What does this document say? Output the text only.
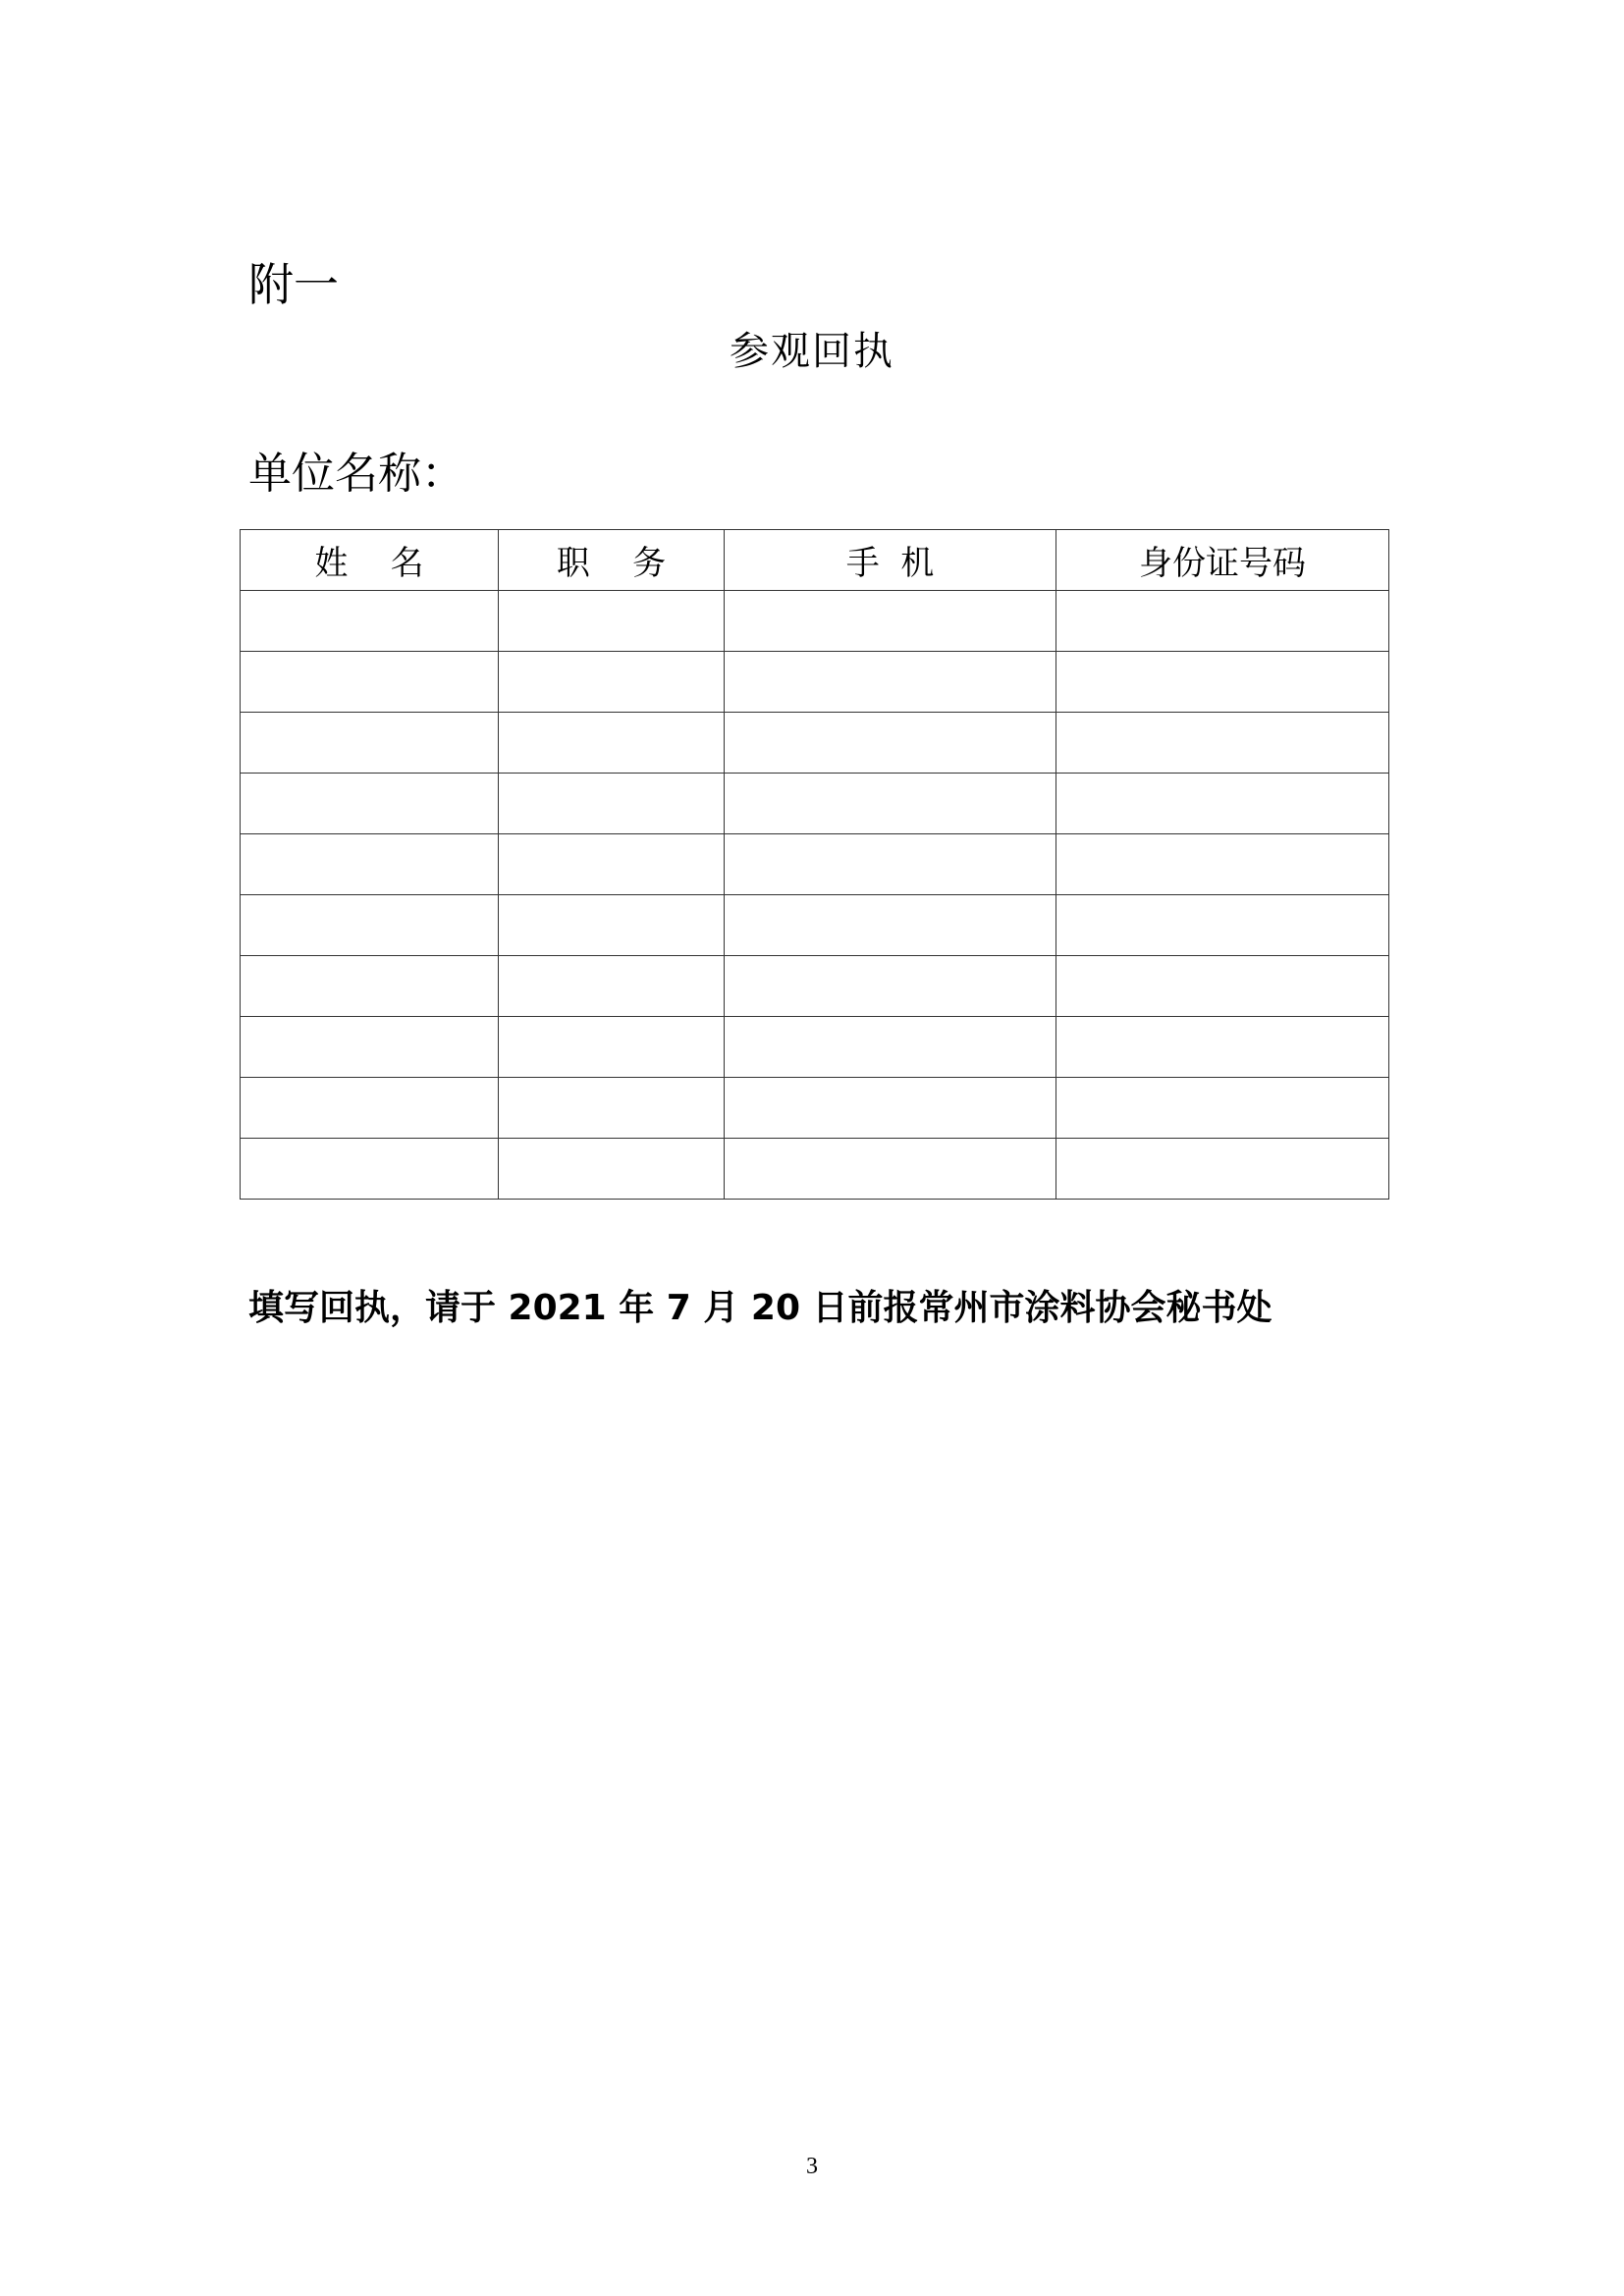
附一
参观回执
单位名称：
姓    名	职    务	手  机	身份证号码

填写回执，请于 2021 年 7 月 20 日前报常州市涂料协会秘书处
3
